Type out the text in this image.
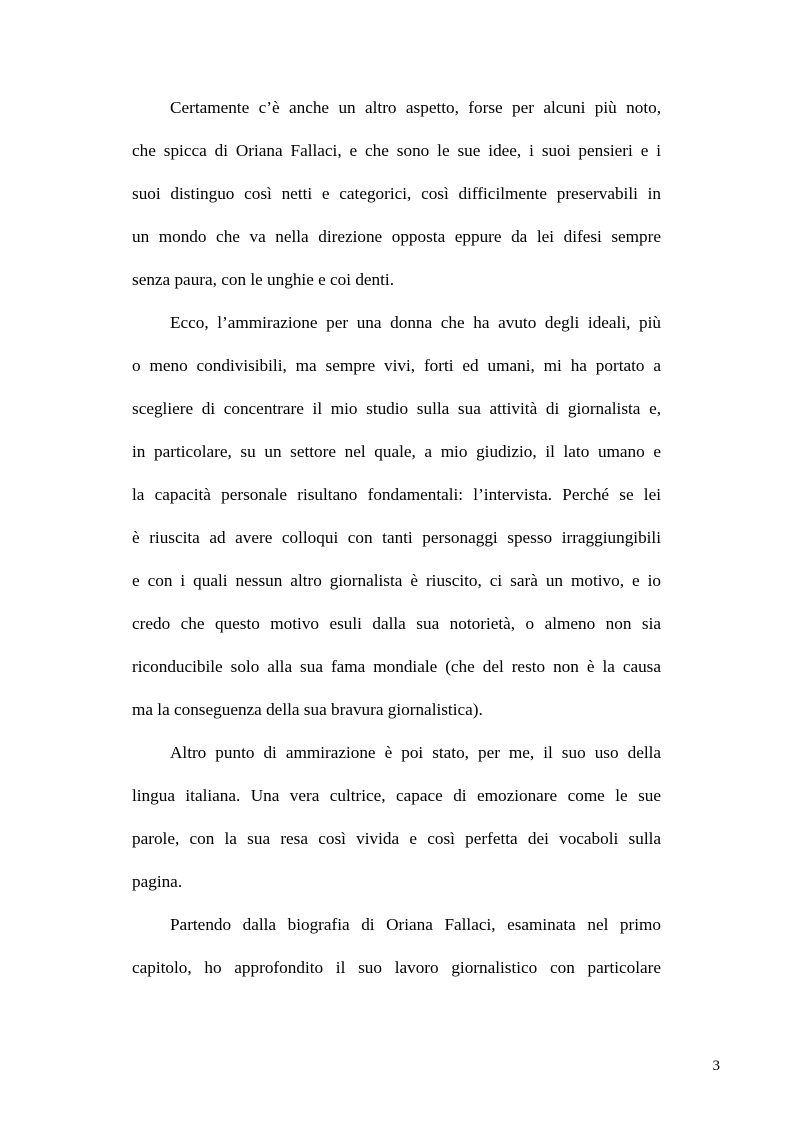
Certamente c’è anche un altro aspetto, forse per alcuni più noto,
che spicca di Oriana Fallaci, e che sono le sue idee, i suoi pensieri e i
suoi distinguo così netti e categorici, così difficilmente preservabili in
un mondo che va nella direzione opposta eppure da lei difesi sempre
senza paura, con le unghie e coi denti.
Ecco, l’ammirazione per una donna che ha avuto degli ideali, più
o meno condivisibili, ma sempre vivi, forti ed umani, mi ha portato a
scegliere di concentrare il mio studio sulla sua attività di giornalista e,
in particolare, su un settore nel quale, a mio giudizio, il lato umano e
la capacità personale risultano fondamentali: l’intervista. Perché se lei
è riuscita ad avere colloqui con tanti personaggi spesso irraggiungibili
e con i quali nessun altro giornalista è riuscito, ci sarà un motivo, e io
credo che questo motivo esuli dalla sua notorietà, o almeno non sia
riconducibile solo alla sua fama mondiale (che del resto non è la causa
ma la conseguenza della sua bravura giornalistica).
Altro punto di ammirazione è poi stato, per me, il suo uso della
lingua italiana. Una vera cultrice, capace di emozionare come le sue
parole, con la sua resa così vivida e così perfetta dei vocaboli sulla
pagina.
Partendo dalla biografia di Oriana Fallaci, esaminata nel primo
capitolo, ho approfondito il suo lavoro giornalistico con particolare
3
